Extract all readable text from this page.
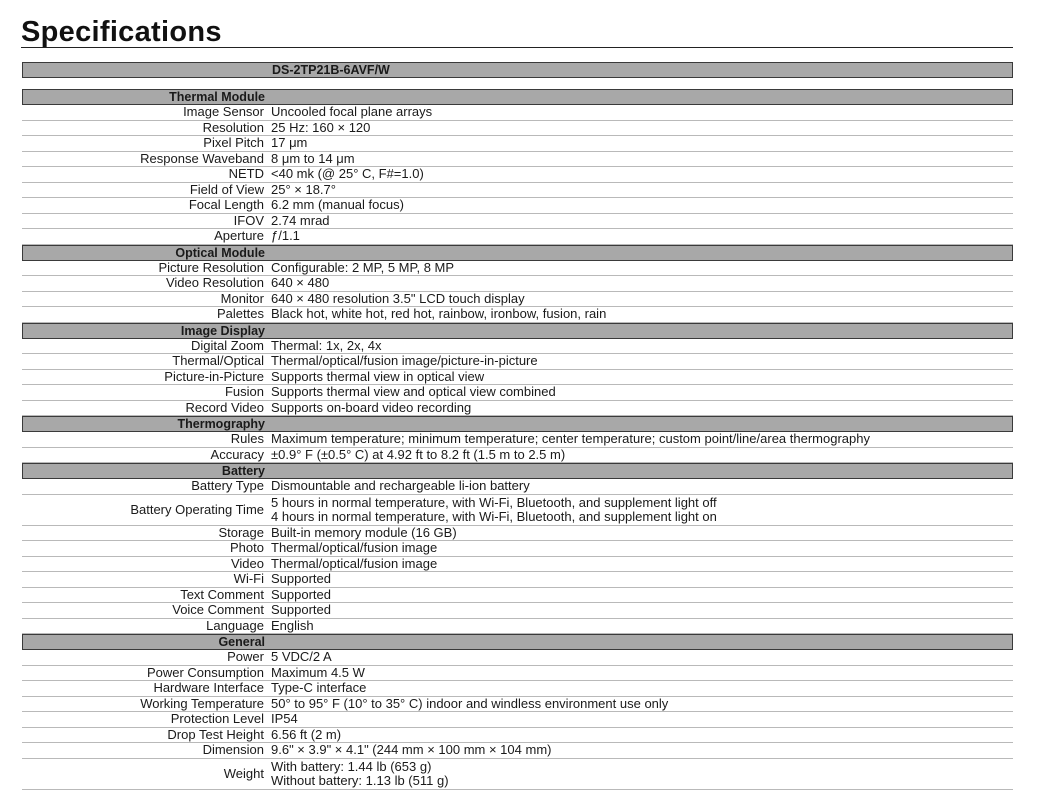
Specifications
DS-2TP21B-6AVF/W
Thermal Module
Image Sensor Uncooled focal plane arrays
Resolution 25 Hz: 160 × 120
Pixel Pitch 17 μm
Response Waveband 8 μm to 14 μm
NETD <40 mk (@ 25° C, F#=1.0)
Field of View 25° × 18.7°
Focal Length 6.2 mm (manual focus)
IFOV 2.74 mrad
Aperture ƒ/1.1
Optical Module
Picture Resolution Configurable: 2 MP, 5 MP, 8 MP
Video Resolution 640 × 480
Monitor 640 × 480 resolution 3.5" LCD touch display
Palettes Black hot, white hot, red hot, rainbow, ironbow, fusion, rain
Image Display
Digital Zoom Thermal: 1x, 2x, 4x
Thermal/Optical Thermal/optical/fusion image/picture-in-picture
Picture-in-Picture Supports thermal view in optical view
Fusion Supports thermal view and optical view combined
Record Video Supports on-board video recording
Thermography
Rules Maximum temperature; minimum temperature; center temperature; custom point/line/area thermography
Accuracy ±0.9° F (±0.5° C) at 4.92 ft to 8.2 ft (1.5 m to 2.5 m)
Battery
Battery Type Dismountable and rechargeable li-ion battery
Battery Operating Time 5 hours in normal temperature, with Wi-Fi, Bluetooth, and supplement light off
4 hours in normal temperature, with Wi-Fi, Bluetooth, and supplement light on
Storage Built-in memory module (16 GB)
Photo Thermal/optical/fusion image
Video Thermal/optical/fusion image
Wi-Fi Supported
Text Comment Supported
Voice Comment Supported
Language English
General
Power 5 VDC/2 A
Power Consumption Maximum 4.5 W
Hardware Interface Type-C interface
Working Temperature 50° to 95° F (10° to 35° C) indoor and windless environment use only
Protection Level IP54
Drop Test Height 6.56 ft (2 m)
Dimension 9.6" × 3.9" × 4.1" (244 mm × 100 mm × 104 mm)
Weight With battery: 1.44 lb (653 g)
Without battery: 1.13 lb (511 g)
